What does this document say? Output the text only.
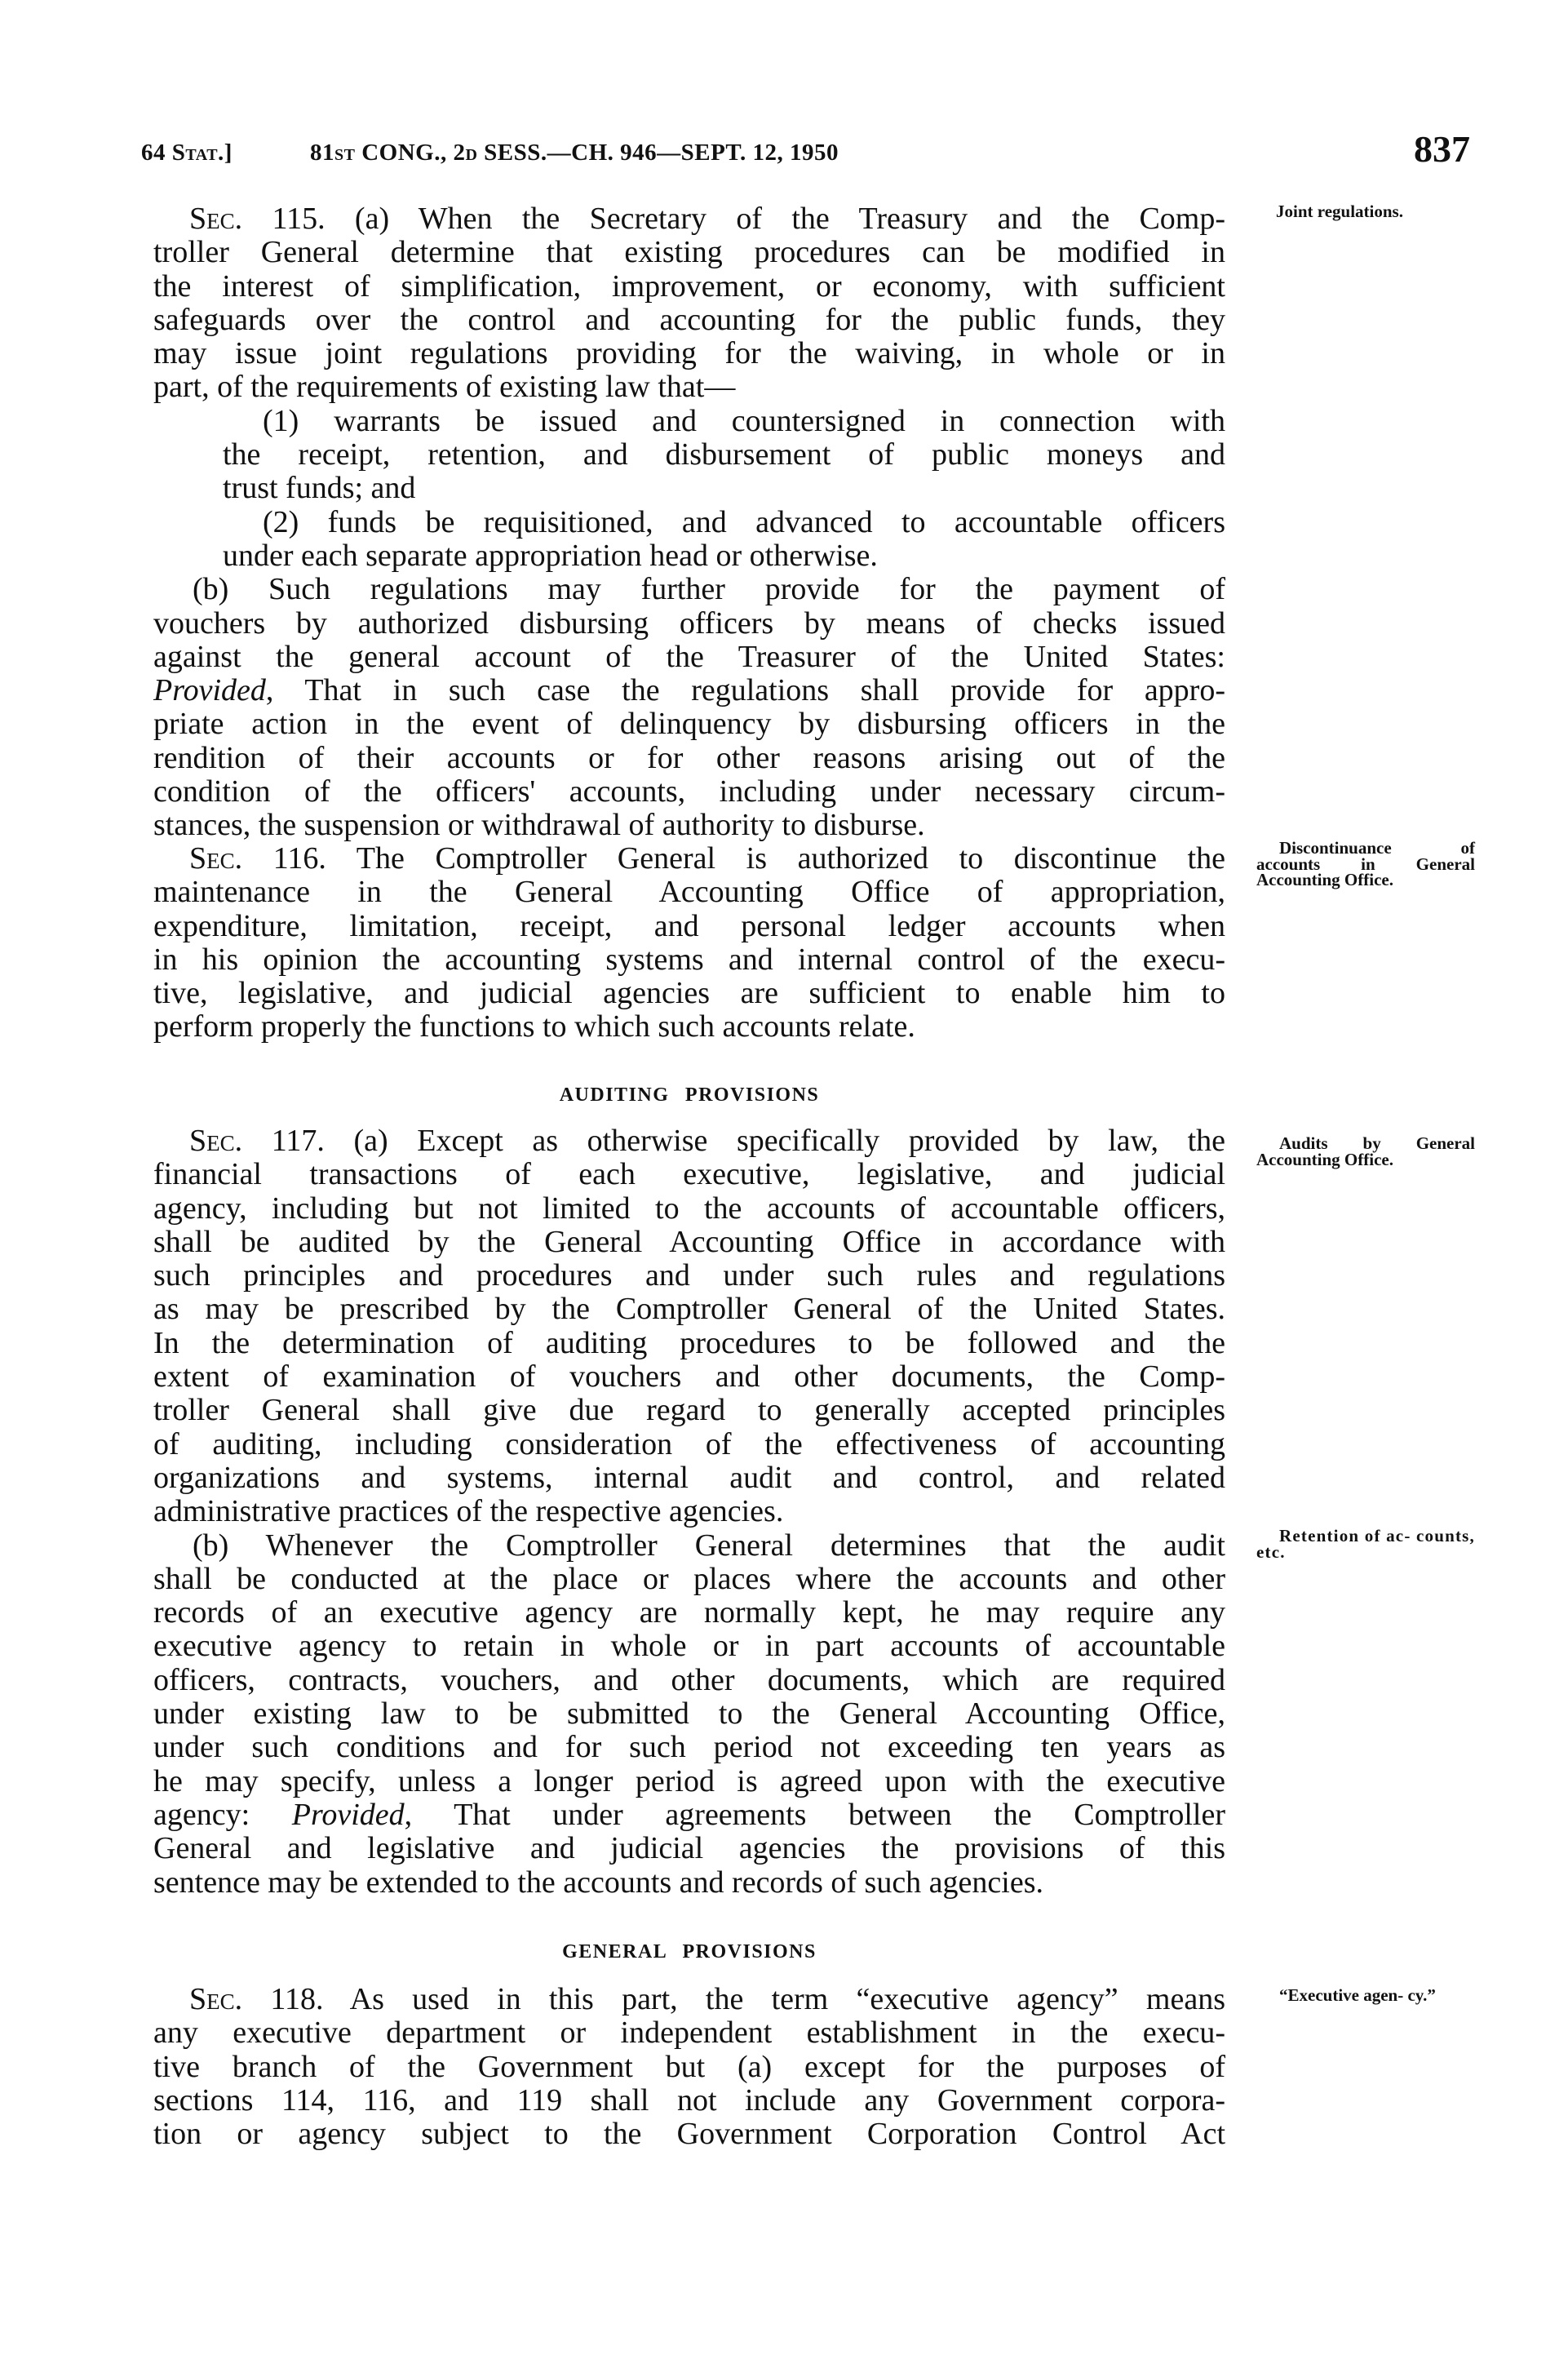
64 Stat.]	81st CONG., 2d SESS.—CH. 946—SEPT. 12, 1950	837
Sec. 115. (a) When the Secretary of the Treasury and the Comp-
troller General determine that existing procedures can be modified in
the interest of simplification, improvement, or economy, with sufficient
safeguards over the control and accounting for the public funds, they
may issue joint regulations providing for the waiving, in whole or in
part, of the requirements of existing law that—
(1) warrants be issued and countersigned in connection with
the receipt, retention, and disbursement of public moneys and
trust funds; and
(2) funds be requisitioned, and advanced to accountable officers
under each separate appropriation head or otherwise.
(b) Such regulations may further provide for the payment of
vouchers by authorized disbursing officers by means of checks issued
against the general account of the Treasurer of the United States:
Provided, That in such case the regulations shall provide for appro-
priate action in the event of delinquency by disbursing officers in the
rendition of their accounts or for other reasons arising out of the
condition of the officers' accounts, including under necessary circum-
stances, the suspension or withdrawal of authority to disburse.
Joint regulations.
Sec. 116. The Comptroller General is authorized to discontinue the
maintenance in the General Accounting Office of appropriation,
expenditure, limitation, receipt, and personal ledger accounts when
in his opinion the accounting systems and internal control of the execu-
tive, legislative, and judicial agencies are sufficient to enable him to
perform properly the functions to which such accounts relate.
Discontinuance of accounts in General Accounting Office.
AUDITING PROVISIONS
Sec. 117. (a) Except as otherwise specifically provided by law, the
financial transactions of each executive, legislative, and judicial
agency, including but not limited to the accounts of accountable officers,
shall be audited by the General Accounting Office in accordance with
such principles and procedures and under such rules and regulations
as may be prescribed by the Comptroller General of the United States.
In the determination of auditing procedures to be followed and the
extent of examination of vouchers and other documents, the Comp-
troller General shall give due regard to generally accepted principles
of auditing, including consideration of the effectiveness of accounting
organizations and systems, internal audit and control, and related
administrative practices of the respective agencies.
(b) Whenever the Comptroller General determines that the audit
shall be conducted at the place or places where the accounts and other
records of an executive agency are normally kept, he may require any
executive agency to retain in whole or in part accounts of accountable
officers, contracts, vouchers, and other documents, which are required
under existing law to be submitted to the General Accounting Office,
under such conditions and for such period not exceeding ten years as
he may specify, unless a longer period is agreed upon with the executive
agency: Provided, That under agreements between the Comptroller
General and legislative and judicial agencies the provisions of this
sentence may be extended to the accounts and records of such agencies.
Audits by General Accounting Office.
Retention of ac- counts, etc.
GENERAL PROVISIONS
Sec. 118. As used in this part, the term “executive agency” means
any executive department or independent establishment in the execu-
tive branch of the Government but (a) except for the purposes of
sections 114, 116, and 119 shall not include any Government corpora-
tion or agency subject to the Government Corporation Control Act
“Executive agen- cy.”
